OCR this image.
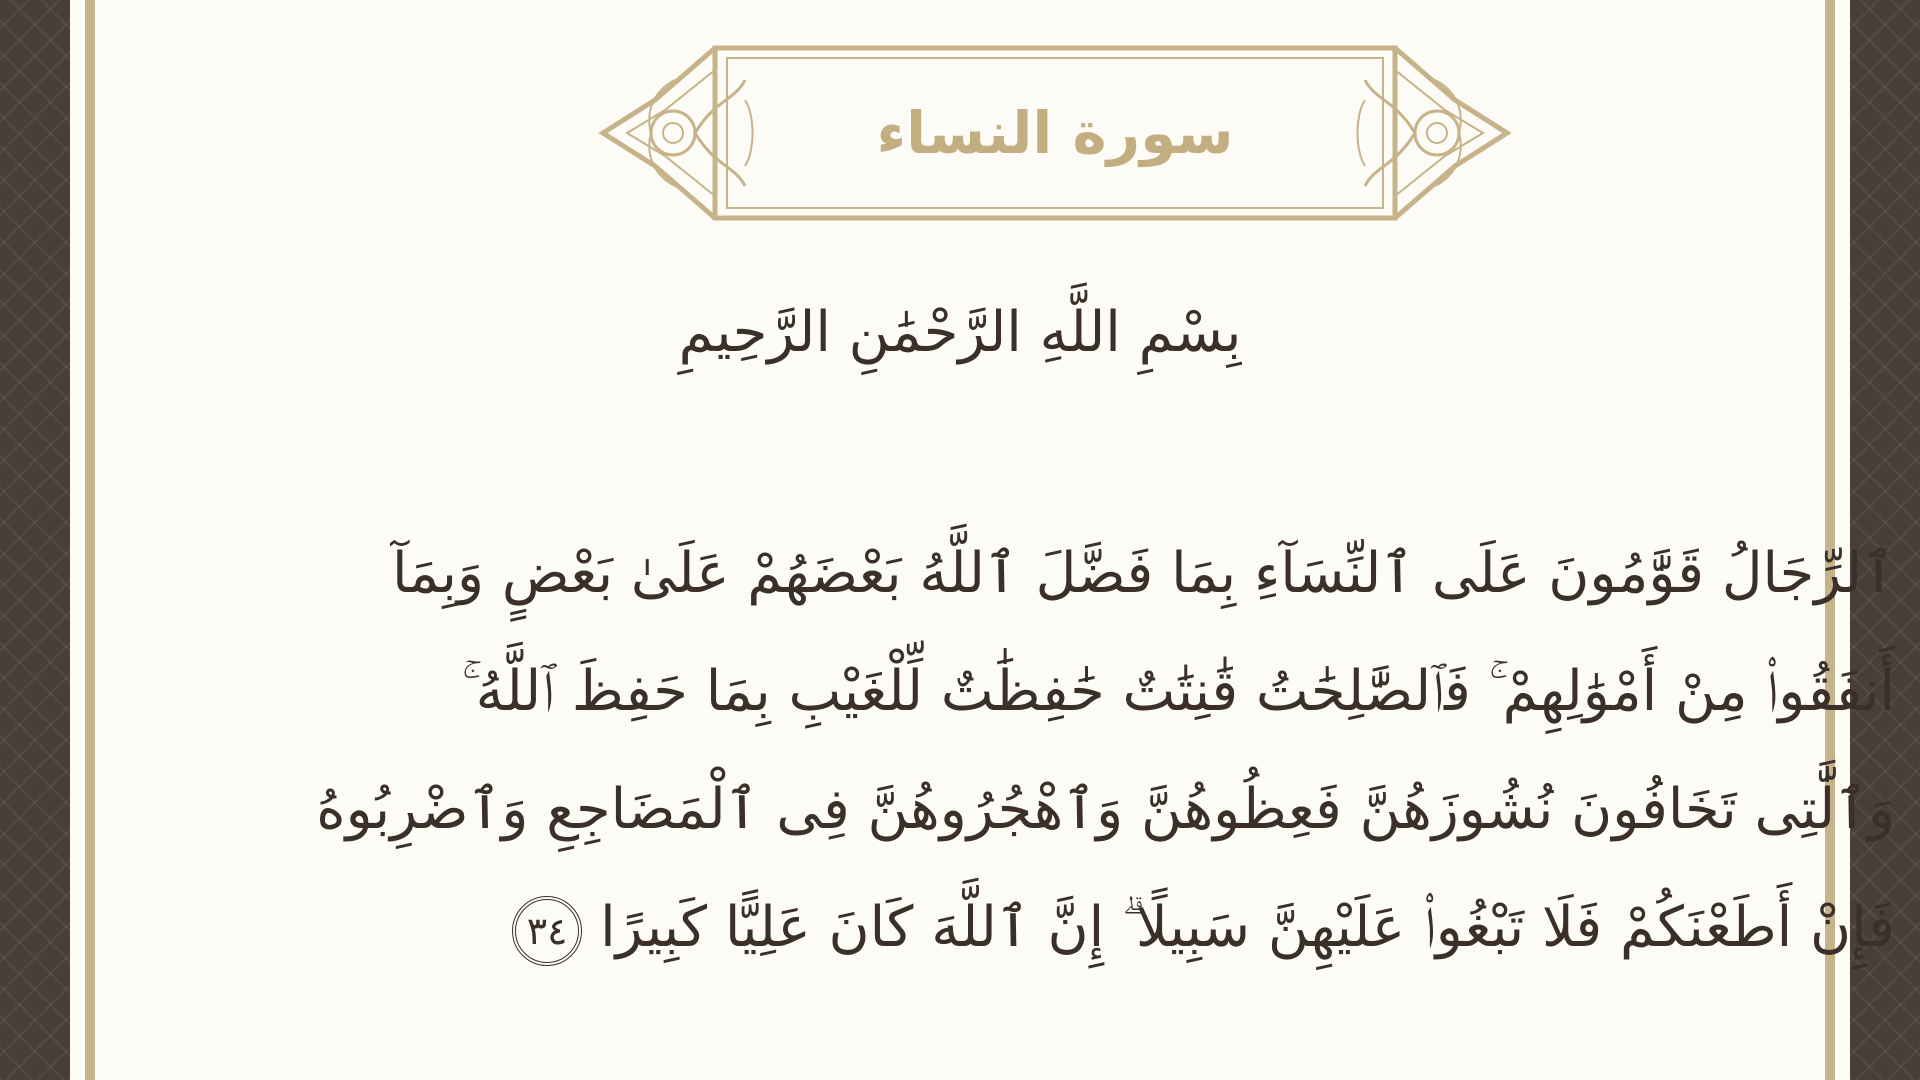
سورة النساء
بِسْمِ اللَّهِ الرَّحْمَٰنِ الرَّحِيمِ
ٱلرِّجَالُ قَوَّٰمُونَ عَلَى ٱلنِّسَآءِ بِمَا فَضَّلَ ٱللَّهُ بَعْضَهُمْ عَلَىٰ بَعْضٍ وَبِمَآ
أَنفَقُوا۟ مِنْ أَمْوَٰلِهِمْ ۚ فَٱلصَّٰلِحَٰتُ قَٰنِتَٰتٌ حَٰفِظَٰتٌ لِّلْغَيْبِ بِمَا حَفِظَ ٱللَّهُ ۚ
وَٱلَّٰتِى تَخَافُونَ نُشُوزَهُنَّ فَعِظُوهُنَّ وَٱهْجُرُوهُنَّ فِى ٱلْمَضَاجِعِ وَٱضْرِبُوهُ
فَإِنْ أَطَعْنَكُمْ فَلَا تَبْغُوا۟ عَلَيْهِنَّ سَبِيلًا ۗ إِنَّ ٱللَّهَ كَانَ عَلِيًّا كَبِيرًا٣٤
